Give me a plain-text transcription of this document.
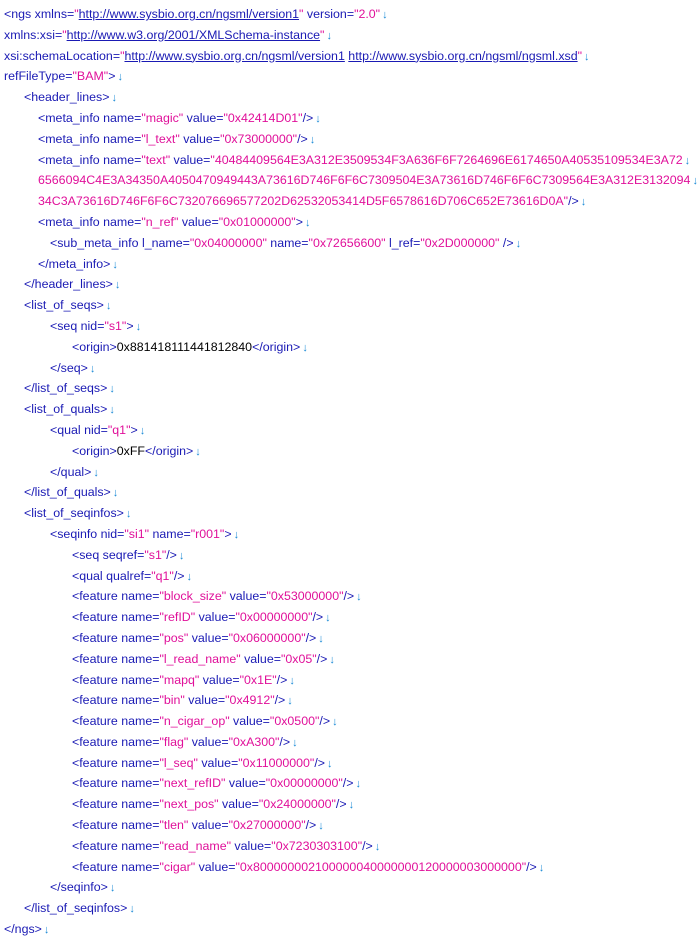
<ngs xmlns="http://www.sysbio.org.cn/ngsml/version1" version="2.0" ↓
xmlns:xsi="http://www.w3.org/2001/XMLSchema-instance" ↓
xsi:schemaLocation="http://www.sysbio.org.cn/ngsml/version1 http://www.sysbio.org.cn/ngsml/ngsml.xsd" ↓
refFileType="BAM"> ↓
<header_lines> ↓
<meta_info name="magic" value="0x42414D01"/> ↓
<meta_info name="l_text" value="0x73000000"/> ↓
<meta_info name="text" value="40484409564E3A312E3509534F3A636F6F7264696E6174650A40535109534E3A72 ↓
6566094C4E3A34350A4050470949443A73616D746F6F6C7309504E3A73616D746F6F6C7309564E3A312E3132094 ↓
34C3A73616D746F6F6C732076696577202D62532053414D5F6578616D706C652E73616D0A"/> ↓
<meta_info name="n_ref" value="0x01000000"> ↓
<sub_meta_info l_name="0x04000000" name="0x72656600" l_ref="0x2D000000" /> ↓
</meta_info> ↓
</header_lines> ↓
<list_of_seqs> ↓
<seq nid="s1"> ↓
<origin>0x881418111441812840</origin> ↓
</seq> ↓
</list_of_seqs> ↓
<list_of_quals> ↓
<qual nid="q1"> ↓
<origin>0xFF</origin> ↓
</qual> ↓
</list_of_quals> ↓
<list_of_seqinfos> ↓
<seqinfo nid="si1" name="r001"> ↓
<seq seqref="s1"/> ↓
<qual qualref="q1"/> ↓
<feature name="block_size" value="0x53000000"/> ↓
<feature name="refID" value="0x00000000"/> ↓
<feature name="pos" value="0x06000000"/> ↓
<feature name="l_read_name" value="0x05"/> ↓
<feature name="mapq" value="0x1E"/> ↓
<feature name="bin" value="0x4912"/> ↓
<feature name="n_cigar_op" value="0x0500"/> ↓
<feature name="flag" value="0xA300"/> ↓
<feature name="l_seq" value="0x11000000"/> ↓
<feature name="next_refID" value="0x00000000"/> ↓
<feature name="next_pos" value="0x24000000"/> ↓
<feature name="tlen" value="0x27000000"/> ↓
<feature name="read_name" value="0x7230303100"/> ↓
<feature name="cigar" value="0x800000002100000040000000120000003000000"/> ↓
</seqinfo> ↓
</list_of_seqinfos> ↓
</ngs> ↓
